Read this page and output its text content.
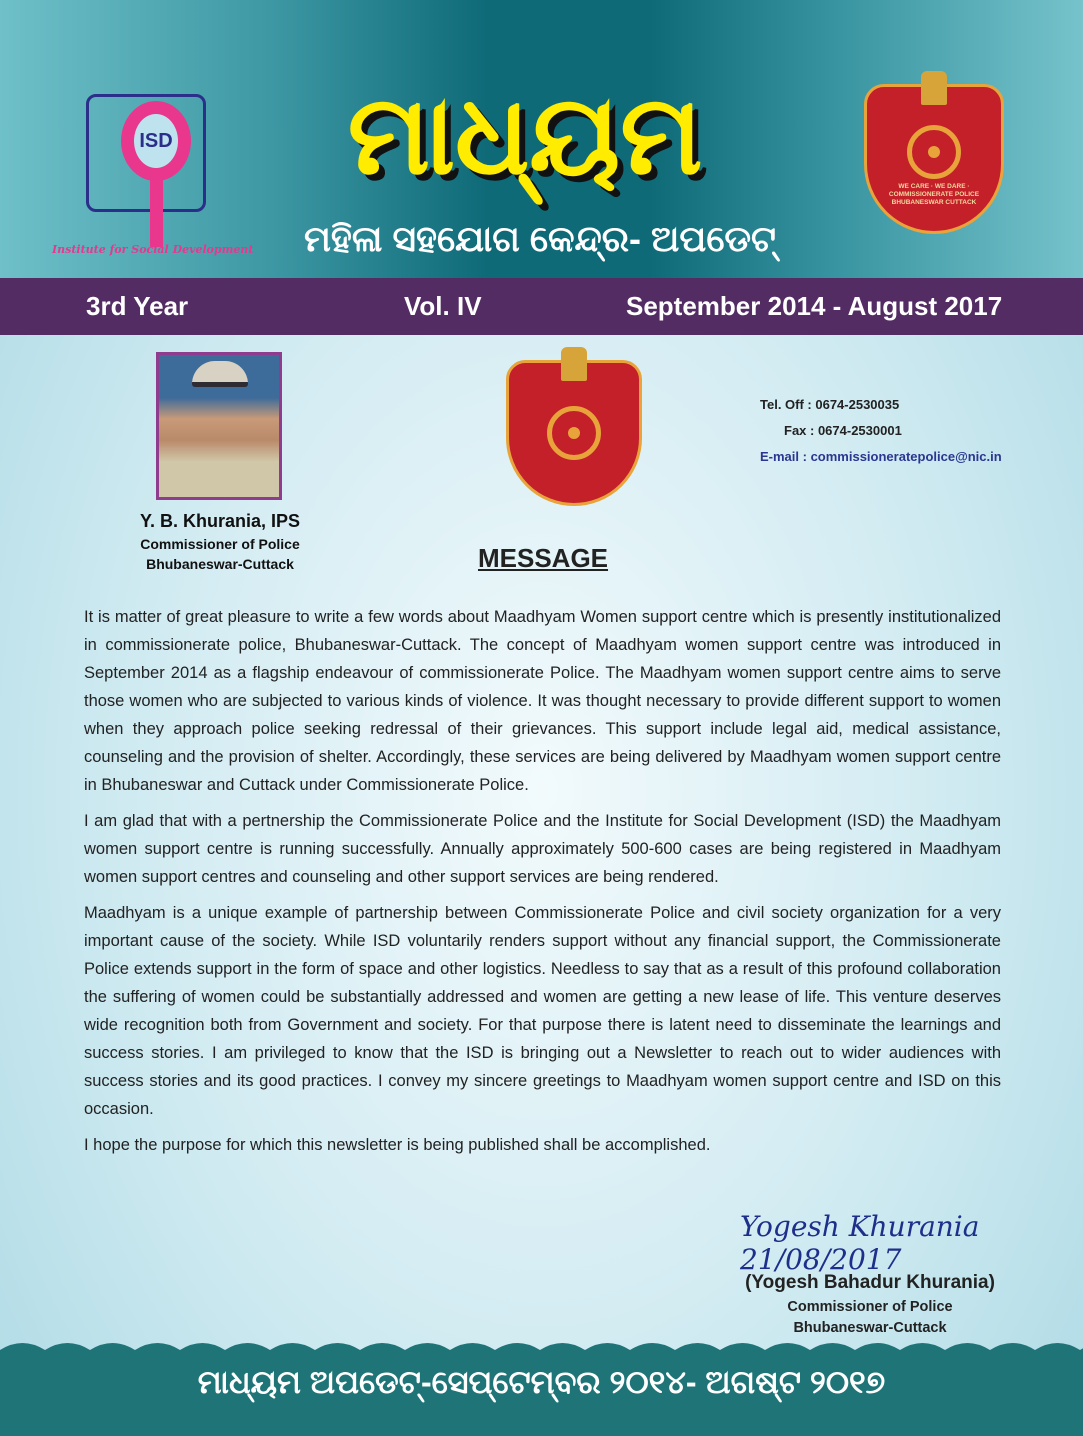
ISD
Institute for Social Development
ମାଧ୍ୟମ
ମହିଳା ସହଯୋଗ କେନ୍ଦ୍ର- ଅପଡେଟ୍
WE CARE · WE DARE · COMMISSIONERATE POLICE BHUBANESWAR CUTTACK
3rd Year	Vol. IV	September 2014 - August 2017
Y. B. Khurania, IPS
Commissioner of Police
Bhubaneswar-Cuttack
Tel. Off : 0674-2530035
Fax : 0674-2530001
E-mail : commissioneratepolice@nic.in
MESSAGE

It is matter of great pleasure to write a few words about Maadhyam Women support centre which is presently institutionalized in commissionerate police, Bhubaneswar-Cuttack. The concept of Maadhyam women support centre was introduced in September 2014 as a flagship endeavour of commissionerate Police. The Maadhyam women support centre aims to serve those women who are subjected to various kinds of violence. It was thought necessary to provide different support to women when they approach police seeking redressal of their grievances. This support include legal aid, medical assistance, counseling and the provision of shelter. Accordingly, these services are being delivered by Maadhyam women support centre in Bhubaneswar and Cuttack under Commissionerate Police.

I am glad that with a pertnership the Commissionerate Police and the Institute for Social Development (ISD) the Maadhyam women support centre is running successfully. Annually approximately 500-600 cases are being registered in Maadhyam women support centres and counseling and other support services are being rendered.

Maadhyam is a unique example of partnership between Commissionerate Police and civil society organization for a very important cause of the society. While ISD voluntarily renders support without any financial support, the Commissionerate Police extends support in the form of space and other logistics. Needless to say that as a result of this profound collaboration the suffering of women could be substantially addressed and women are getting a new lease of life. This venture deserves wide recognition both from Government and society. For that purpose there is latent need to disseminate the learnings and success stories. I am privileged to know that the ISD is bringing out a Newsletter to reach out to wider audiences with success stories and its good practices. I convey my sincere greetings to Maadhyam women support centre and ISD on this occasion.

I hope the purpose for which this newsletter is being published shall be accomplished.

Yogesh Khurania 21/08/2017
(Yogesh Bahadur Khurania)
Commissioner of Police
Bhubaneswar-Cuttack
ମାଧ୍ୟମ ଅପଡେଟ୍-ସେପ୍ଟେମ୍ବର ୨୦୧୪- ଅଗଷ୍ଟ ୨୦୧୭
